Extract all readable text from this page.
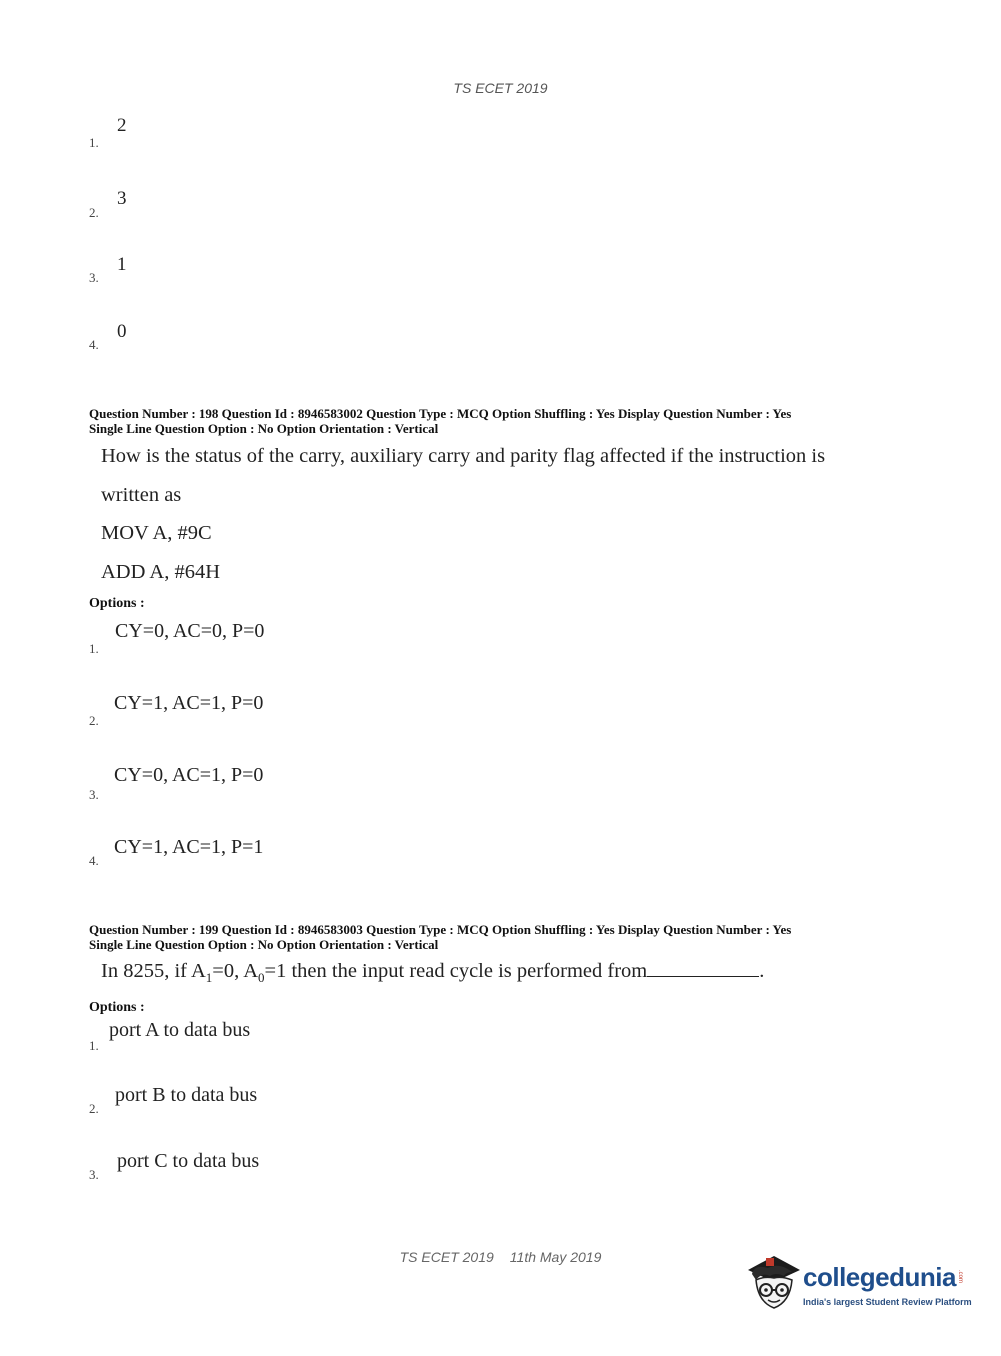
TS ECET 2019
2
1.
3
2.
1
3.
0
4.
Question Number : 198 Question Id : 8946583002 Question Type : MCQ Option Shuffling : Yes Display Question Number : Yes
Single Line Question Option : No Option Orientation : Vertical
How is the status of the carry, auxiliary carry and parity flag affected if the instruction is
written as
MOV A, #9C
ADD A, #64H
Options :
CY=0, AC=0, P=0
1.
CY=1, AC=1, P=0
2.
CY=0, AC=1, P=0
3.
CY=1, AC=1, P=1
4.
Question Number : 199 Question Id : 8946583003 Question Type : MCQ Option Shuffling : Yes Display Question Number : Yes
Single Line Question Option : No Option Orientation : Vertical
In 8255, if $A_1=0$, $A_0=1$ then the input read cycle is performed from	.
Options :
port A to data bus
1.
port B to data bus
2.
port C to data bus
3.
TS ECET 2019 11th May 2019
collegedunia .com
India's largest Student Review Platform
